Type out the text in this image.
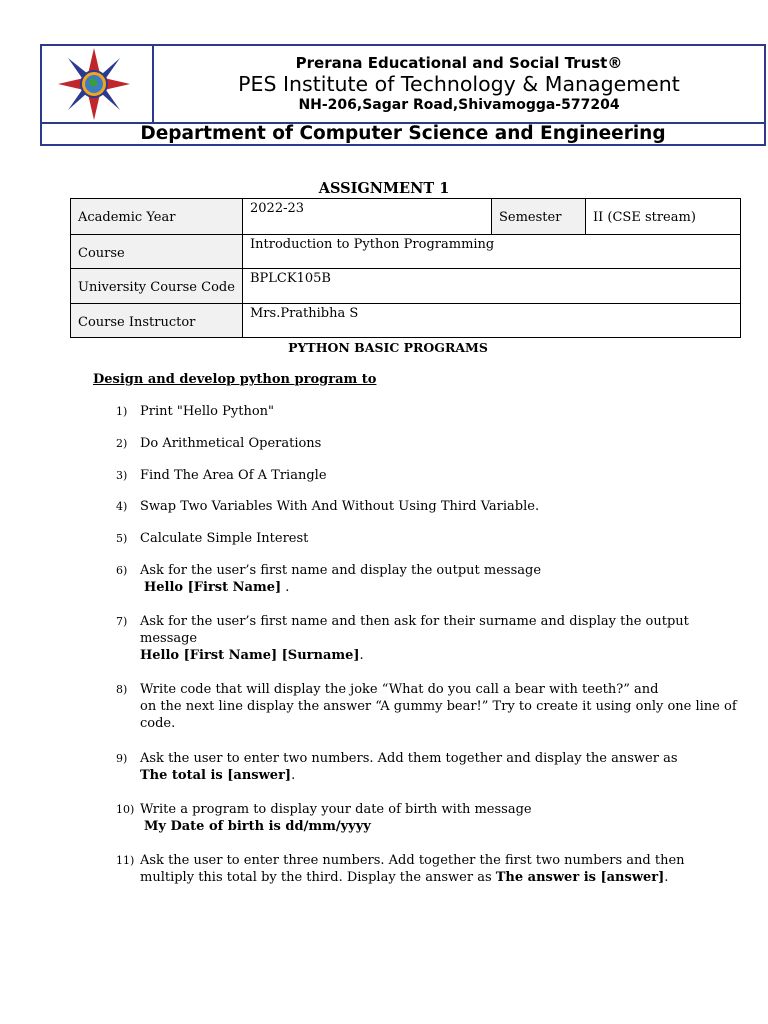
Prerana Educational and Social Trust®
PES Institute of Technology & Management
NH-206,Sagar Road,Shivamogga-577204
Department of Computer Science and Engineering
ASSIGNMENT 1
Academic Year	2022-23	Semester	II (CSE stream)
Course	Introduction to Python Programming		
University Course Code	BPLCK105B		
Course Instructor	Mrs.Prathibha S		
PYTHON BASIC PROGRAMS
Design and develop python program to
1) Print "Hello Python"
2) Do Arithmetical Operations
3) Find The Area Of A Triangle
4) Swap Two Variables With And Without Using Third Variable.
5) Calculate Simple Interest
6) Ask for the user’s first name and display the output message
Hello [First Name] .
7) Ask for the user’s first name and then ask for their surname and display the output
message
Hello [First Name] [Surname].
8) Write code that will display the joke “What do you call a bear with teeth?” and
on the next line display the answer “A gummy bear!” Try to create it using only one line of
code.
9) Ask the user to enter two numbers. Add them together and display the answer as
The total is [answer].
10) Write a program to display your date of birth with message
My Date of birth is dd/mm/yyyy
11) Ask the user to enter three numbers. Add together the first two numbers and then
multiply this total by the third. Display the answer as The answer is [answer].
